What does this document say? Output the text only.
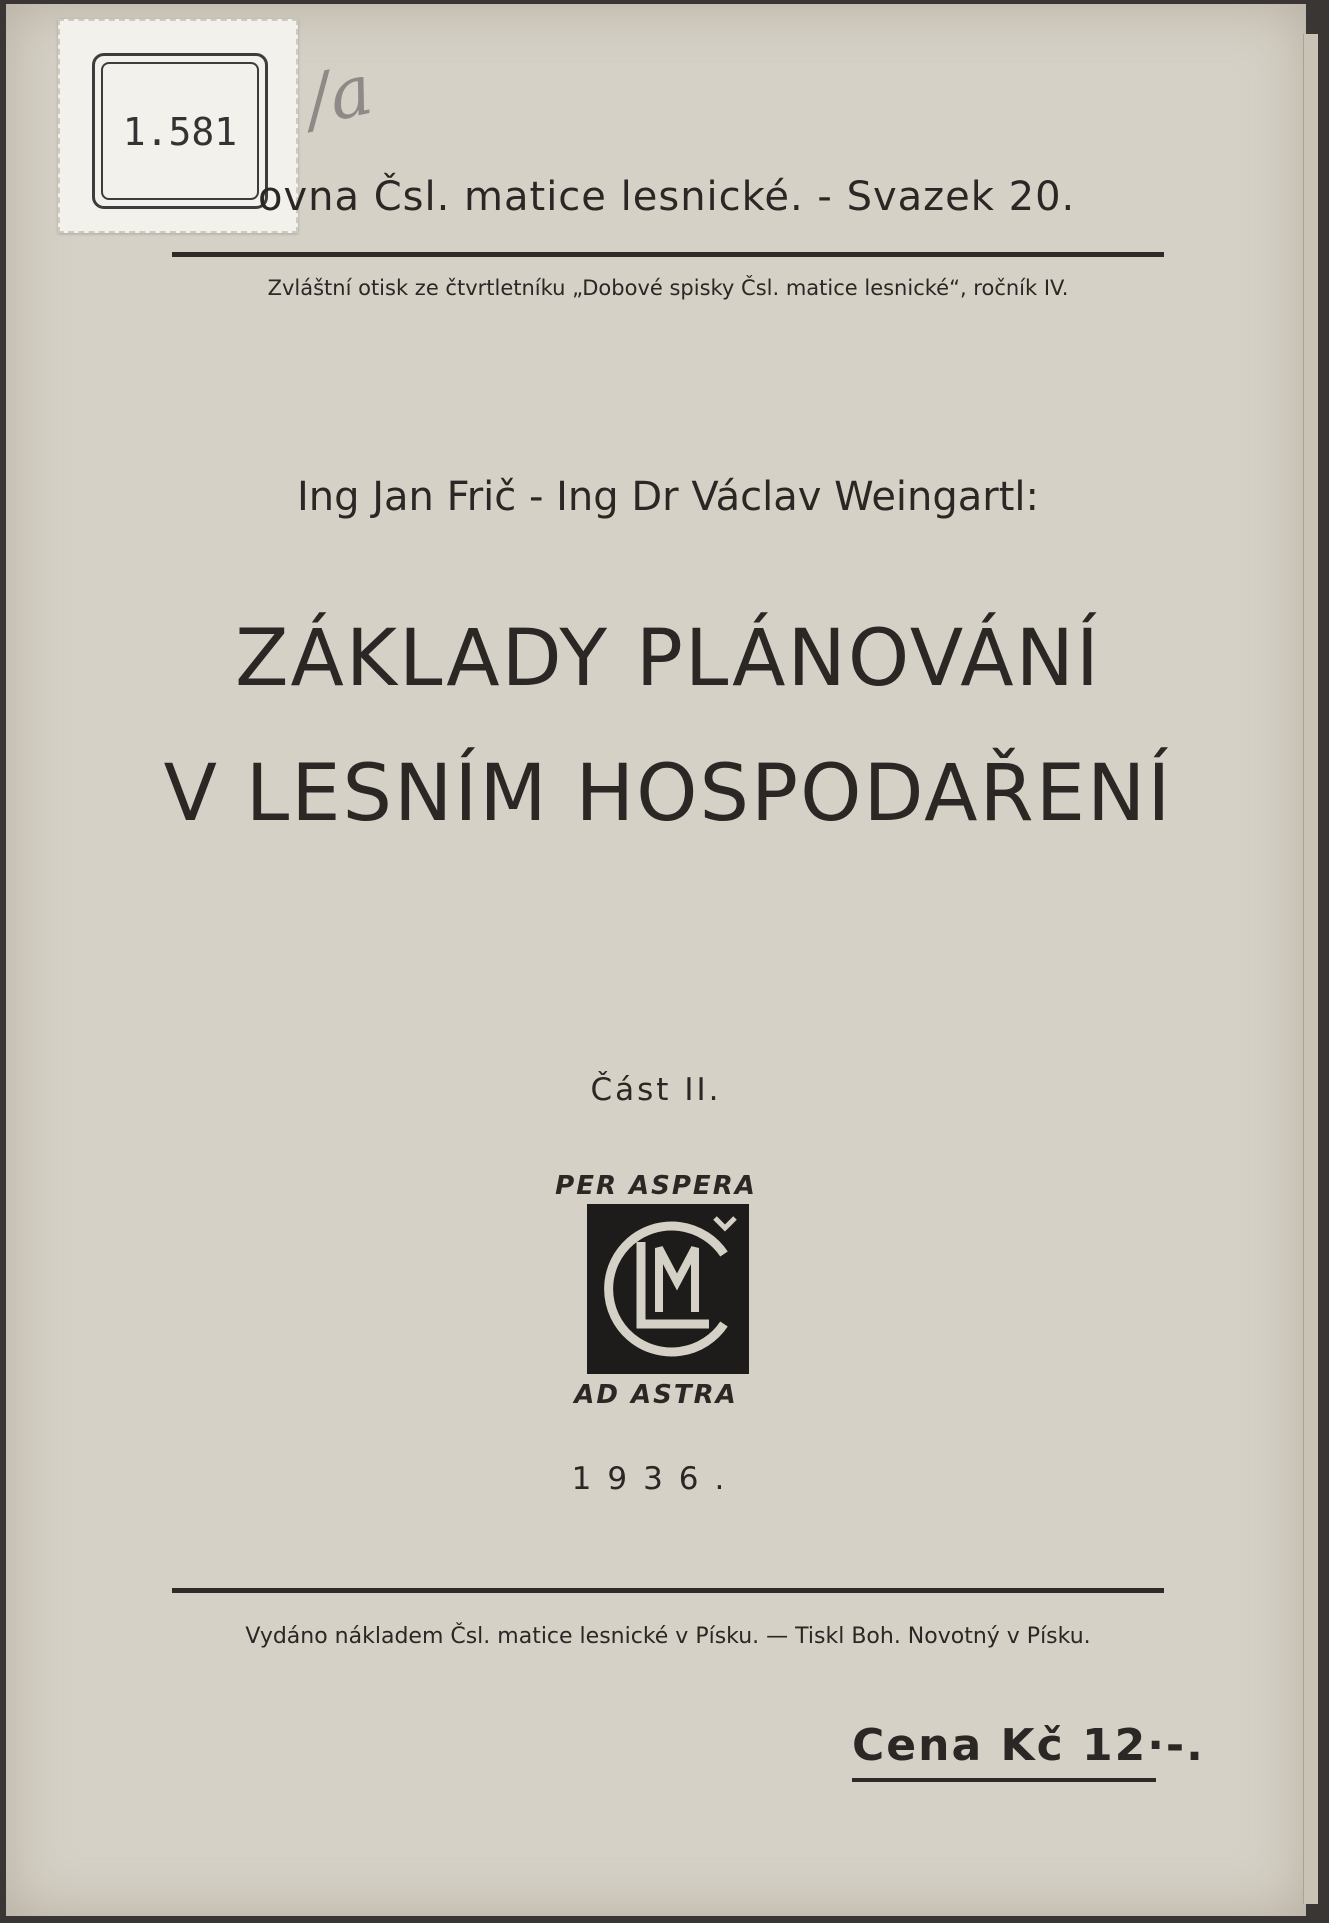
1.581 /a
ovna Čsl. matice lesnické. - Svazek 20.
Zvláštní otisk ze čtvrtletníku „Dobové spisky Čsl. matice lesnické“, ročník IV.
Ing Jan Frič - Ing Dr Václav Weingartl:
ZÁKLADY PLÁNOVÁNÍ
V LESNÍM HOSPODAŘENÍ
Část II.
PER ASPERA
AD ASTRA
1936.
Vydáno nákladem Čsl. matice lesnické v Písku. — Tiskl Boh. Novotný v Písku.
Cena Kč 12·-.
